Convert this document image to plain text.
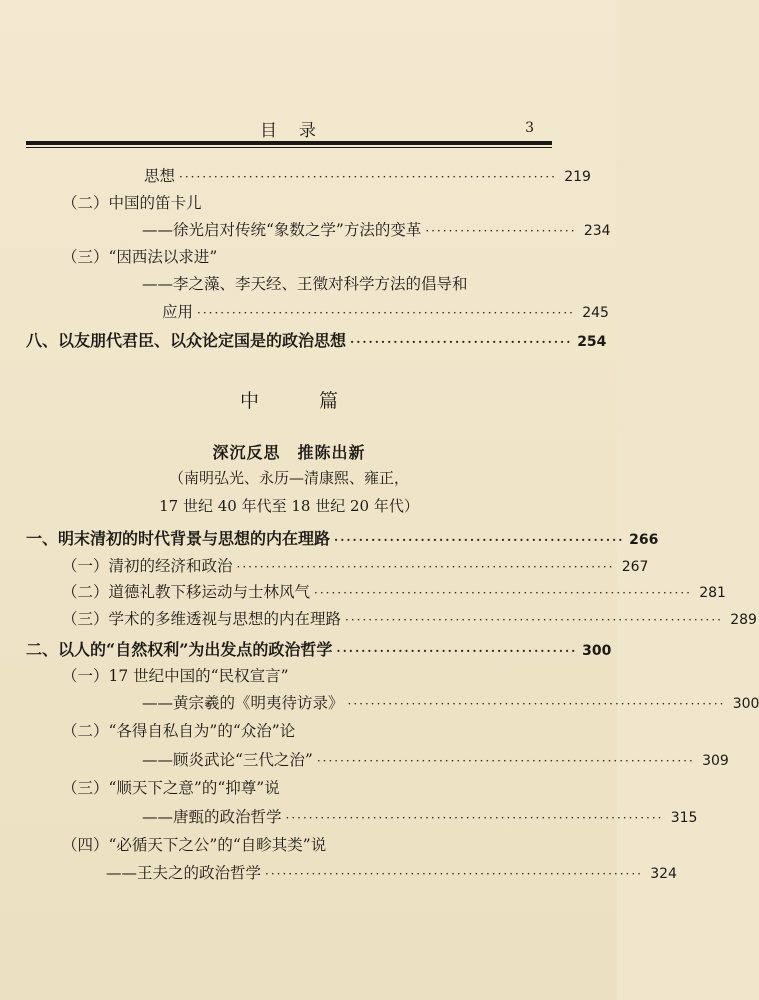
目录	3
思想 ································································· 219
（二）中国的笛卡儿
——徐光启对传统“象数之学”方法的变革 ·························· 234
（三）“因西法以求进”
——李之藻、李天经、王徵对科学方法的倡导和
应用 ································································· 245
八、以友朋代君臣、以众论定国是的政治思想 ···································· 254
中篇
深沉反思　推陈出新
（南明弘光、永历—清康熙、雍正，
17 世纪 40 年代至 18 世纪 20 年代）
一、明末清初的时代背景与思想的内在理路 ··············································· 266
（一）清初的经济和政治 ································································· 267
（二）道德礼教下移运动与士林风气 ································································· 281
（三）学术的多维透视与思想的内在理路 ································································· 289
二、以人的“自然权利”为出发点的政治哲学 ······································· 300
（一）17 世纪中国的“民权宣言”
——黄宗羲的《明夷待访录》 ································································· 300
（二）“各得自私自为”的“众治”论
——顾炎武论“三代之治” ································································· 309
（三）“顺天下之意”的“抑尊”说
——唐甄的政治哲学 ································································· 315
（四）“必循天下之公”的“自畛其类”说
——王夫之的政治哲学 ································································· 324
